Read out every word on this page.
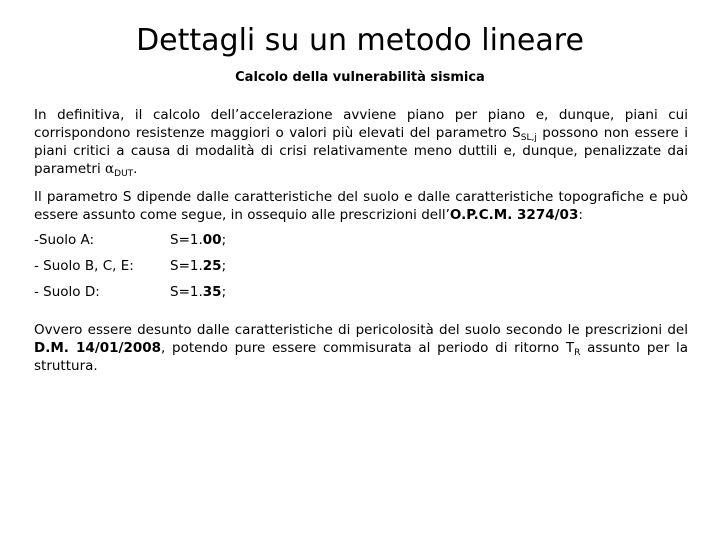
Dettagli su un metodo lineare
Calcolo della vulnerabilità sismica

In definitiva, il calcolo dell’accelerazione avviene piano per piano e, dunque, piani cui corrispondono resistenze maggiori o valori più elevati del parametro $S_{SL,j}$ possono non essere i piani critici a causa di modalità di crisi relativamente meno duttili e, dunque, penalizzate dai parametri $\alpha_{DUT}$.

Il parametro S dipende dalle caratteristiche del suolo e dalle caratteristiche topografiche e può essere assunto come segue, in ossequio alle prescrizioni dell’O.P.C.M. 3274/03:

-Suolo A:	S=1.00;
- Suolo B, C, E:	S=1.25;
- Suolo D:	S=1.35;

Ovvero essere desunto dalle caratteristiche di pericolosità del suolo secondo le prescrizioni del D.M. 14/01/2008, potendo pure essere commisurata al periodo di ritorno $T_R$ assunto per la struttura.
